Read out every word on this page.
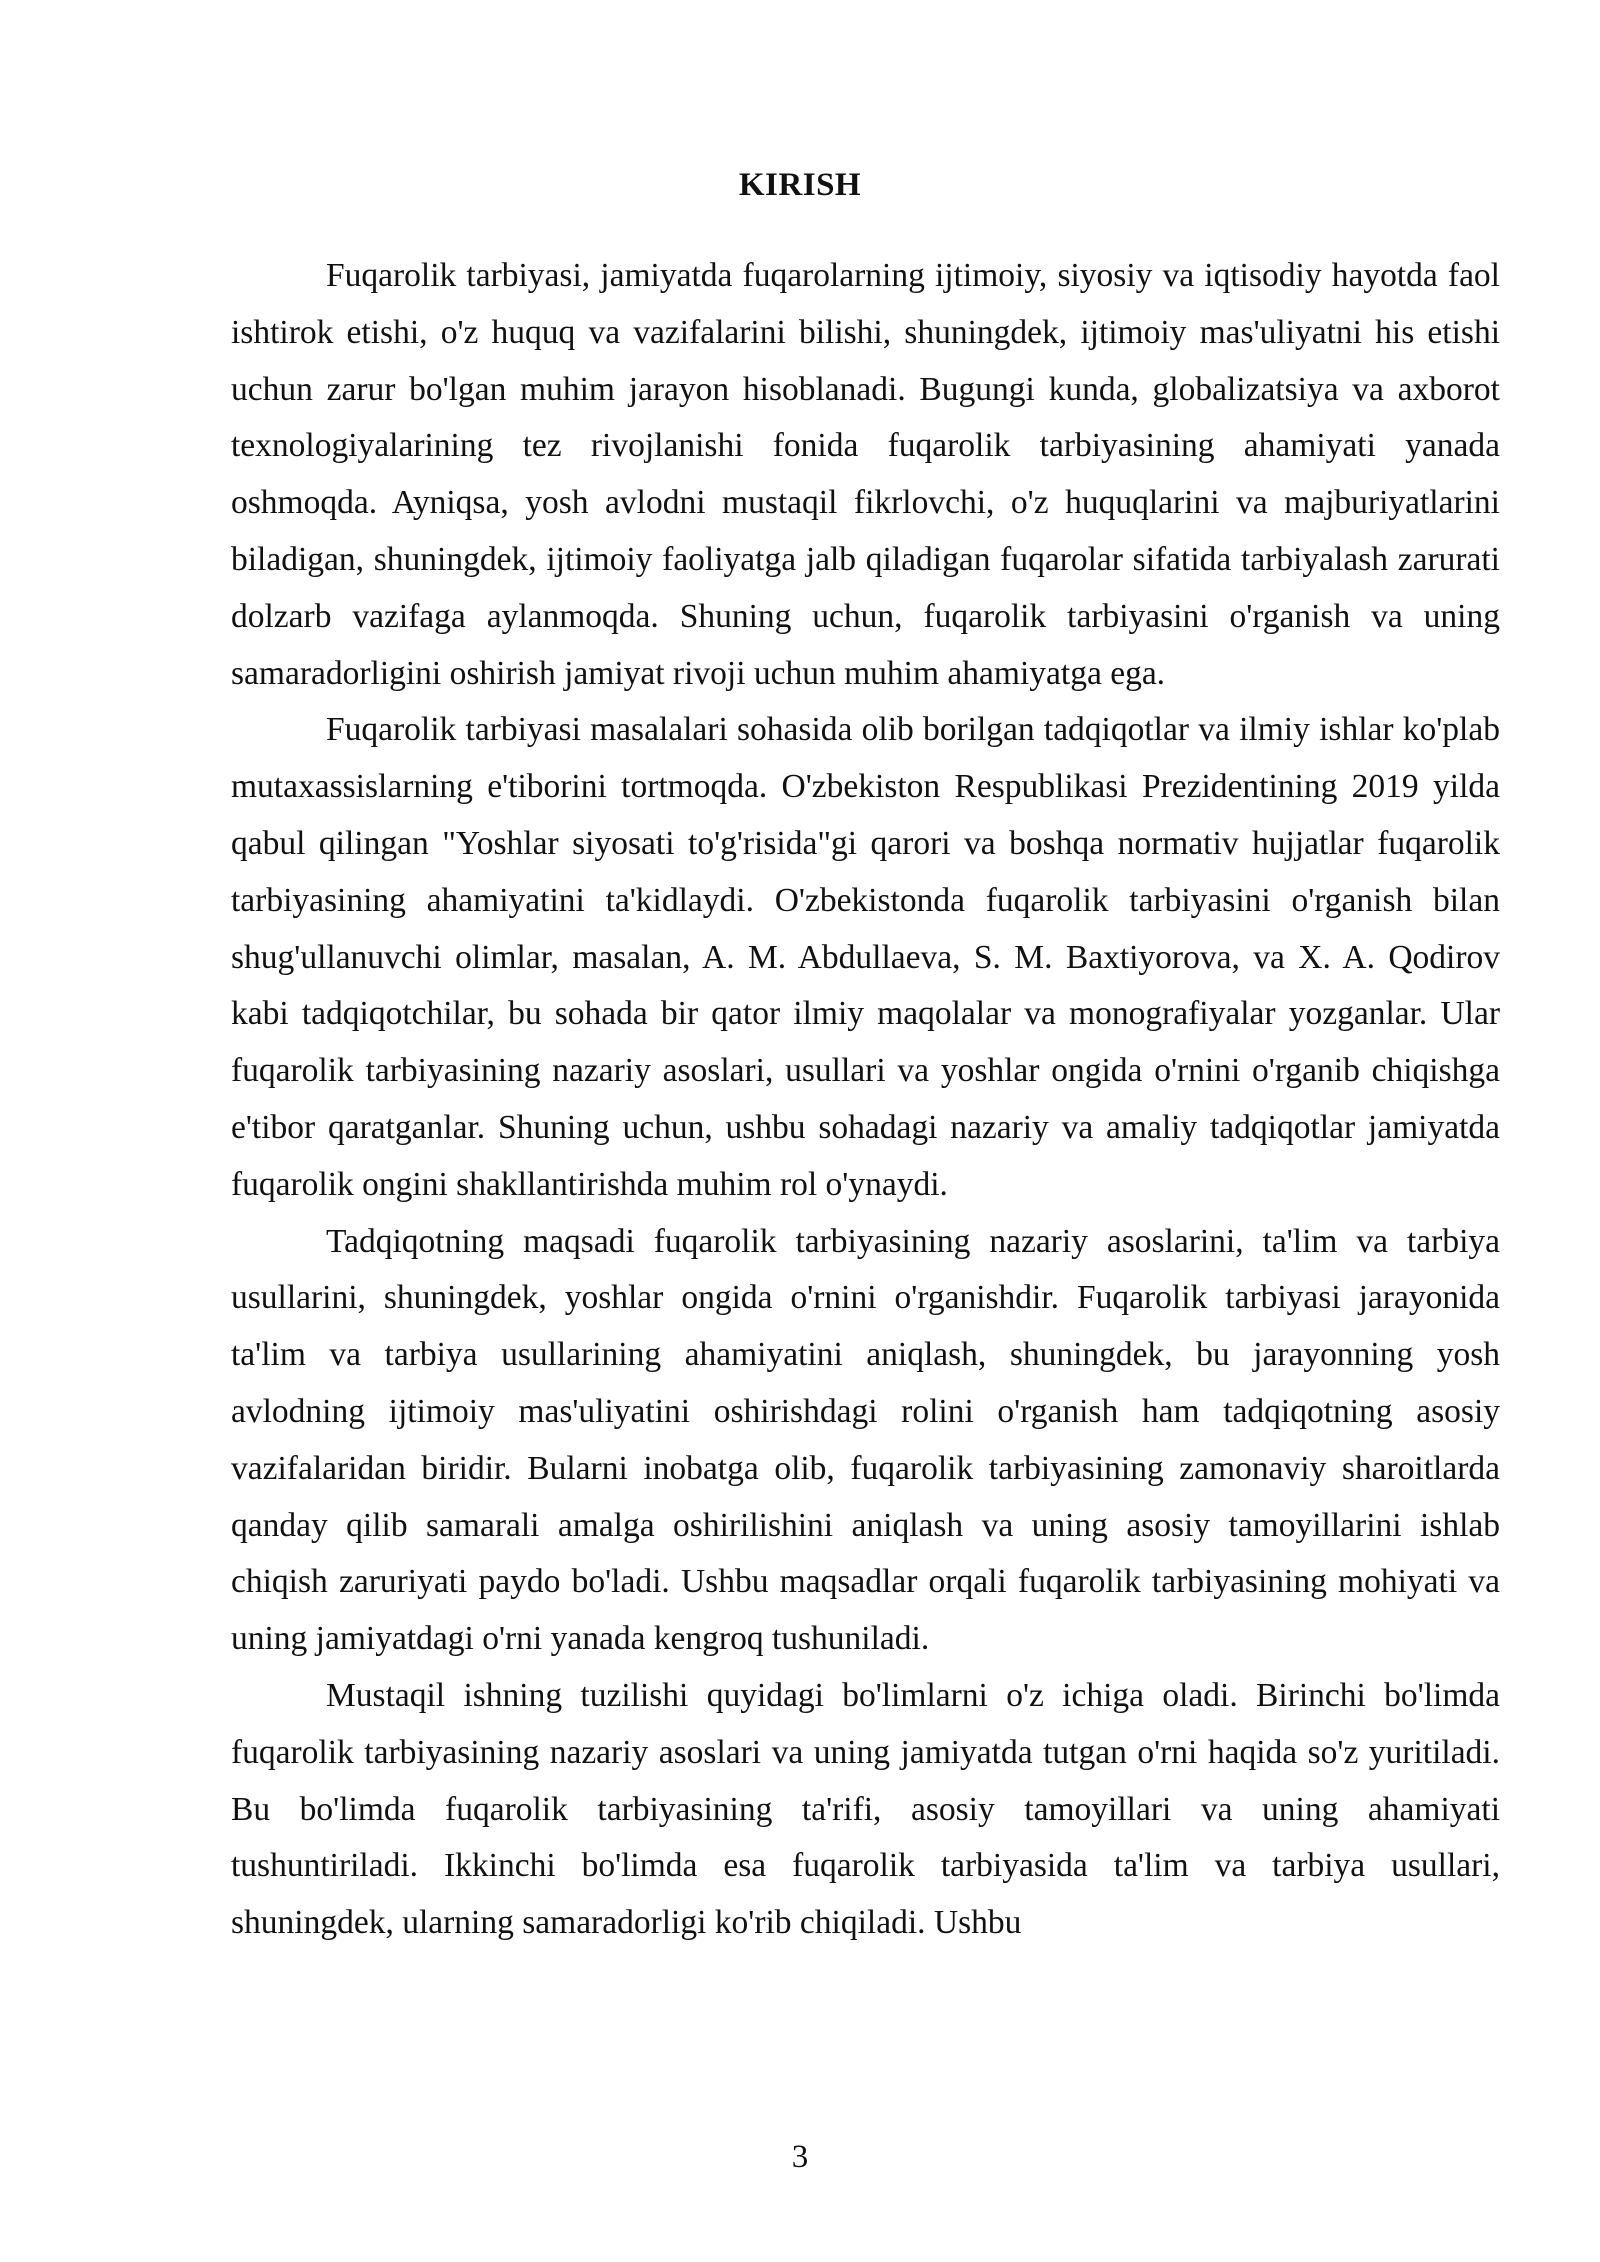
KIRISH

Fuqarolik tarbiyasi, jamiyatda fuqarolarning ijtimoiy, siyosiy va iqtisodiy hayotda faol ishtirok etishi, o'z huquq va vazifalarini bilishi, shuningdek, ijtimoiy mas'uliyatni his etishi uchun zarur bo'lgan muhim jarayon hisoblanadi. Bugungi kunda, globalizatsiya va axborot texnologiyalarining tez rivojlanishi fonida fuqarolik tarbiyasining ahamiyati yanada oshmoqda. Ayniqsa, yosh avlodni mustaqil fikrlovchi, o'z huquqlarini va majburiyatlarini biladigan, shuningdek, ijtimoiy faoliyatga jalb qiladigan fuqarolar sifatida tarbiyalash zarurati dolzarb vazifaga aylanmoqda. Shuning uchun, fuqarolik tarbiyasini o'rganish va uning samaradorligini oshirish jamiyat rivoji uchun muhim ahamiyatga ega.

Fuqarolik tarbiyasi masalalari sohasida olib borilgan tadqiqotlar va ilmiy ishlar ko'plab mutaxassislarning e'tiborini tortmoqda. O'zbekiston Respublikasi Prezidentining 2019 yilda qabul qilingan "Yoshlar siyosati to'g'risida"gi qarori va boshqa normativ hujjatlar fuqarolik tarbiyasining ahamiyatini ta'kidlaydi. O'zbekistonda fuqarolik tarbiyasini o'rganish bilan shug'ullanuvchi olimlar, masalan, A. M. Abdullaeva, S. M. Baxtiyorova, va X. A. Qodirov kabi tadqiqotchilar, bu sohada bir qator ilmiy maqolalar va monografiyalar yozganlar. Ular fuqarolik tarbiyasining nazariy asoslari, usullari va yoshlar ongida o'rnini o'rganib chiqishga e'tibor qaratganlar. Shuning uchun, ushbu sohadagi nazariy va amaliy tadqiqotlar jamiyatda fuqarolik ongini shakllantirishda muhim rol o'ynaydi.

Tadqiqotning maqsadi fuqarolik tarbiyasining nazariy asoslarini, ta'lim va tarbiya usullarini, shuningdek, yoshlar ongida o'rnini o'rganishdir. Fuqarolik tarbiyasi jarayonida ta'lim va tarbiya usullarining ahamiyatini aniqlash, shuningdek, bu jarayonning yosh avlodning ijtimoiy mas'uliyatini oshirishdagi rolini o'rganish ham tadqiqotning asosiy vazifalaridan biridir. Bularni inobatga olib, fuqarolik tarbiyasining zamonaviy sharoitlarda qanday qilib samarali amalga oshirilishini aniqlash va uning asosiy tamoyillarini ishlab chiqish zaruriyati paydo bo'ladi. Ushbu maqsadlar orqali fuqarolik tarbiyasining mohiyati va uning jamiyatdagi o'rni yanada kengroq tushuniladi.

Mustaqil ishning tuzilishi quyidagi bo'limlarni o'z ichiga oladi. Birinchi bo'limda fuqarolik tarbiyasining nazariy asoslari va uning jamiyatda tutgan o'rni haqida so'z yuritiladi. Bu bo'limda fuqarolik tarbiyasining ta'rifi, asosiy tamoyillari va uning ahamiyati tushuntiriladi. Ikkinchi bo'limda esa fuqarolik tarbiyasida ta'lim va tarbiya usullari, shuningdek, ularning samaradorligi ko'rib chiqiladi. Ushbu

3
